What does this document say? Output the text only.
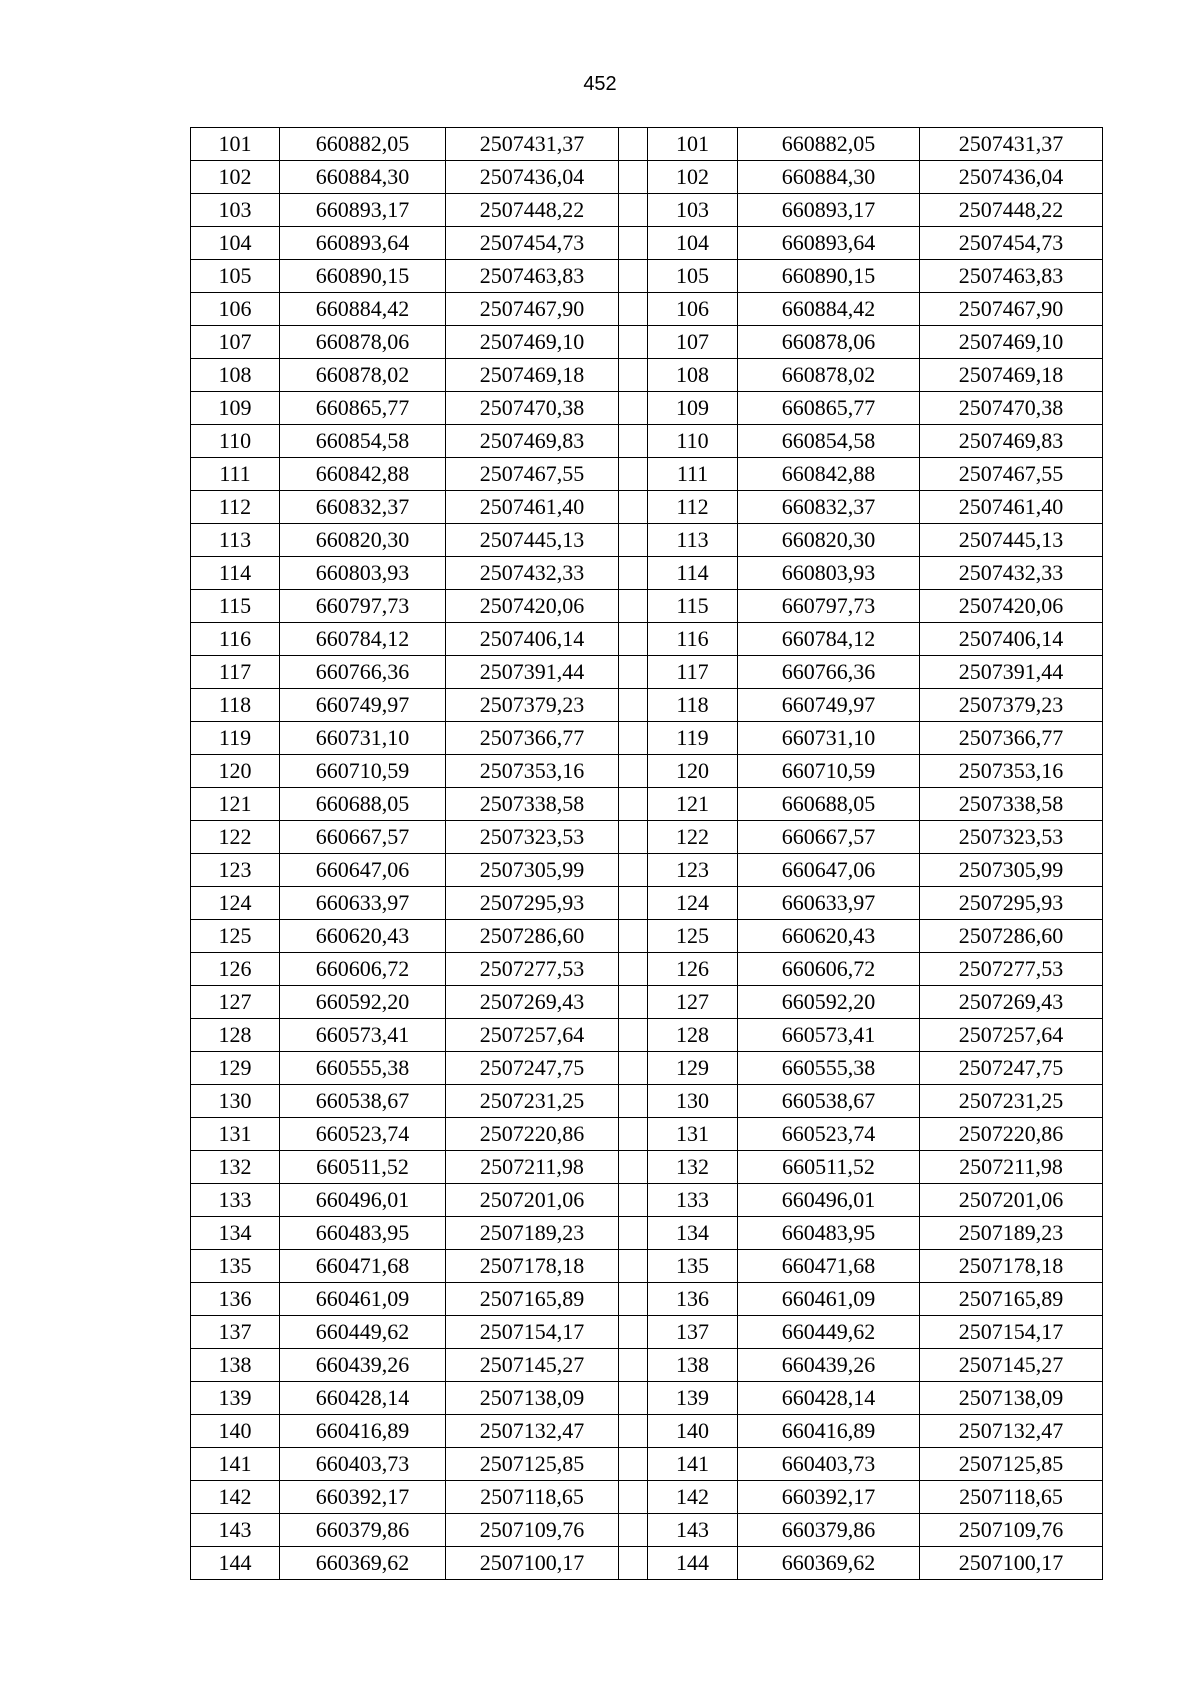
452
101	660882,05	2507431,37		101	660882,05	2507431,37
102	660884,30	2507436,04		102	660884,30	2507436,04
103	660893,17	2507448,22		103	660893,17	2507448,22
104	660893,64	2507454,73		104	660893,64	2507454,73
105	660890,15	2507463,83		105	660890,15	2507463,83
106	660884,42	2507467,90		106	660884,42	2507467,90
107	660878,06	2507469,10		107	660878,06	2507469,10
108	660878,02	2507469,18		108	660878,02	2507469,18
109	660865,77	2507470,38		109	660865,77	2507470,38
110	660854,58	2507469,83		110	660854,58	2507469,83
111	660842,88	2507467,55		111	660842,88	2507467,55
112	660832,37	2507461,40		112	660832,37	2507461,40
113	660820,30	2507445,13		113	660820,30	2507445,13
114	660803,93	2507432,33		114	660803,93	2507432,33
115	660797,73	2507420,06		115	660797,73	2507420,06
116	660784,12	2507406,14		116	660784,12	2507406,14
117	660766,36	2507391,44		117	660766,36	2507391,44
118	660749,97	2507379,23		118	660749,97	2507379,23
119	660731,10	2507366,77		119	660731,10	2507366,77
120	660710,59	2507353,16		120	660710,59	2507353,16
121	660688,05	2507338,58		121	660688,05	2507338,58
122	660667,57	2507323,53		122	660667,57	2507323,53
123	660647,06	2507305,99		123	660647,06	2507305,99
124	660633,97	2507295,93		124	660633,97	2507295,93
125	660620,43	2507286,60		125	660620,43	2507286,60
126	660606,72	2507277,53		126	660606,72	2507277,53
127	660592,20	2507269,43		127	660592,20	2507269,43
128	660573,41	2507257,64		128	660573,41	2507257,64
129	660555,38	2507247,75		129	660555,38	2507247,75
130	660538,67	2507231,25		130	660538,67	2507231,25
131	660523,74	2507220,86		131	660523,74	2507220,86
132	660511,52	2507211,98		132	660511,52	2507211,98
133	660496,01	2507201,06		133	660496,01	2507201,06
134	660483,95	2507189,23		134	660483,95	2507189,23
135	660471,68	2507178,18		135	660471,68	2507178,18
136	660461,09	2507165,89		136	660461,09	2507165,89
137	660449,62	2507154,17		137	660449,62	2507154,17
138	660439,26	2507145,27		138	660439,26	2507145,27
139	660428,14	2507138,09		139	660428,14	2507138,09
140	660416,89	2507132,47		140	660416,89	2507132,47
141	660403,73	2507125,85		141	660403,73	2507125,85
142	660392,17	2507118,65		142	660392,17	2507118,65
143	660379,86	2507109,76		143	660379,86	2507109,76
144	660369,62	2507100,17		144	660369,62	2507100,17
